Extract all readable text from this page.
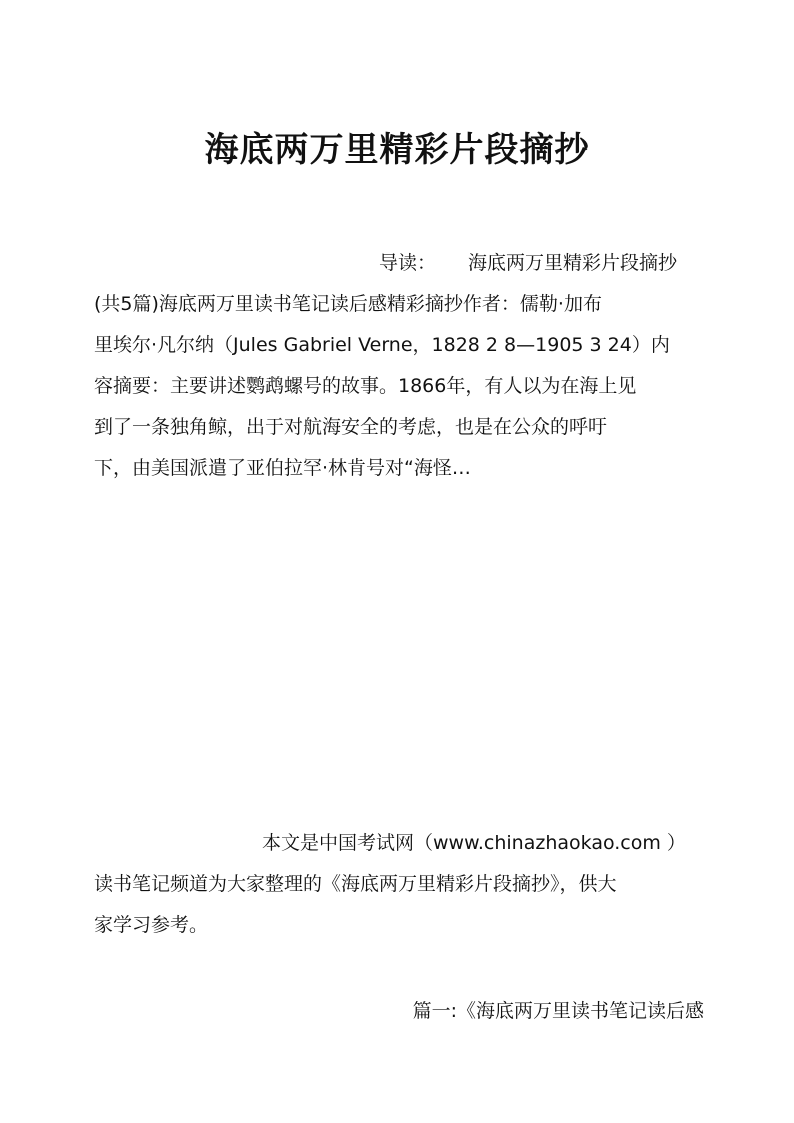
海底两万里精彩片段摘抄
导读： 海底两万里精彩片段摘抄
(共5篇)海底两万里读书笔记读后感精彩摘抄作者：儒勒·加布
里埃尔·凡尔纳（Jules Gabriel Verne，1828 2 8—1905 3 24）内
容摘要：主要讲述鹦鹉螺号的故事。1866年，有人以为在海上见
到了一条独角鲸，出于对航海安全的考虑，也是在公众的呼吁
下，由美国派遣了亚伯拉罕·林肯号对“海怪…
本文是中国考试网（www.chinazhaokao.com ）
读书笔记频道为大家整理的《海底两万里精彩片段摘抄》，供大
家学习参考。
篇一:《海底两万里读书笔记读后感
